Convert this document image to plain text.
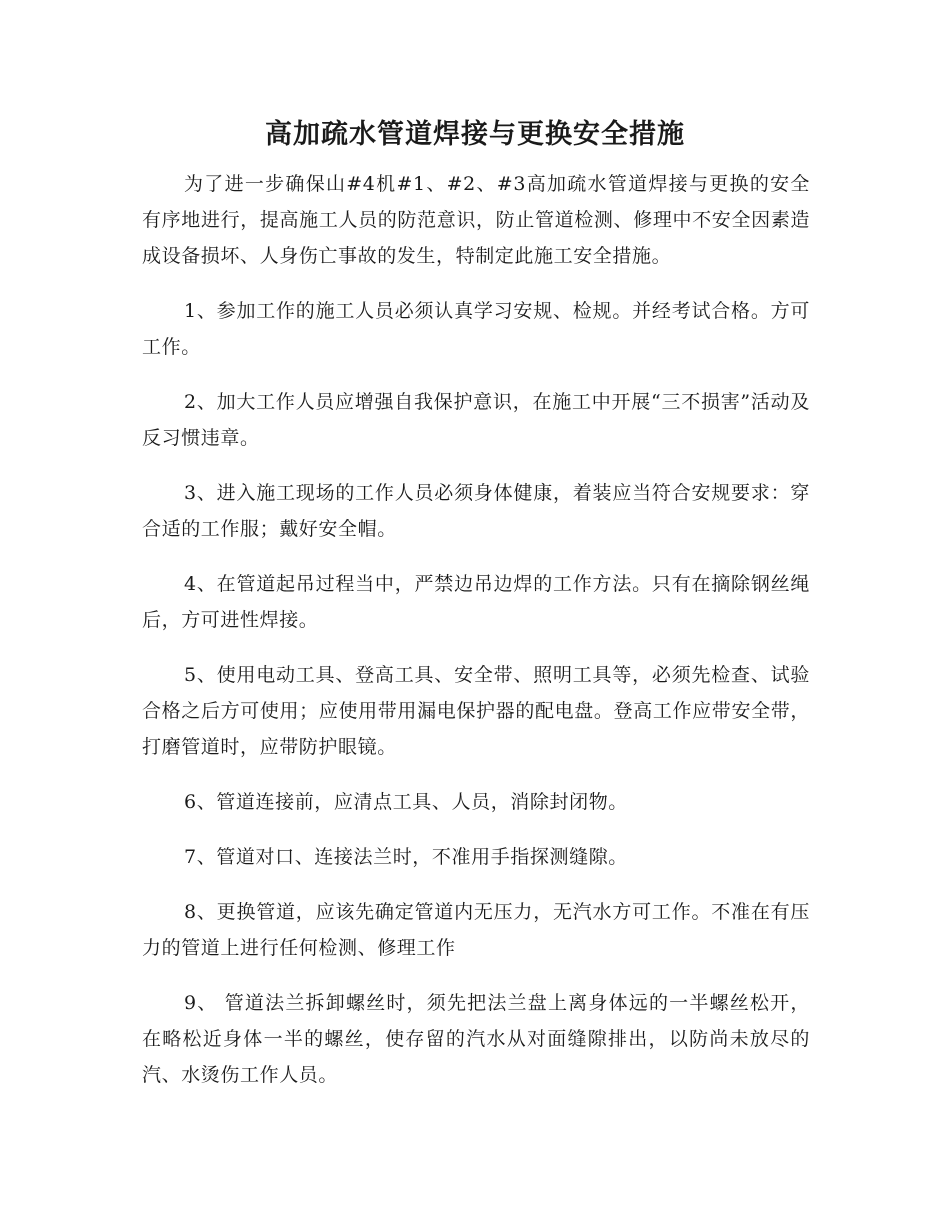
高加疏水管道焊接与更换安全措施

为了进一步确保山#4机#1、#2、#3高加疏水管道焊接与更换的安全有序地进行，提高施工人员的防范意识，防止管道检测、修理中不安全因素造成设备损坏、人身伤亡事故的发生，特制定此施工安全措施。

1、参加工作的施工人员必须认真学习安规、检规。并经考试合格。方可工作。

2、加大工作人员应增强自我保护意识，在施工中开展“三不损害”活动及反习惯违章。

3、进入施工现场的工作人员必须身体健康，着装应当符合安规要求：穿合适的工作服；戴好安全帽。

4、在管道起吊过程当中，严禁边吊边焊的工作方法。只有在摘除钢丝绳后，方可进性焊接。

5、使用电动工具、登高工具、安全带、照明工具等，必须先检查、试验合格之后方可使用；应使用带用漏电保护器的配电盘。登高工作应带安全带，打磨管道时，应带防护眼镜。

6、管道连接前，应清点工具、人员，消除封闭物。

7、管道对口、连接法兰时，不准用手指探测缝隙。

8、更换管道，应该先确定管道内无压力，无汽水方可工作。不准在有压力的管道上进行任何检测、修理工作

9、 管道法兰拆卸螺丝时，须先把法兰盘上离身体远的一半螺丝松开，在略松近身体一半的螺丝，使存留的汽水从对面缝隙排出，以防尚未放尽的汽、水烫伤工作人员。
